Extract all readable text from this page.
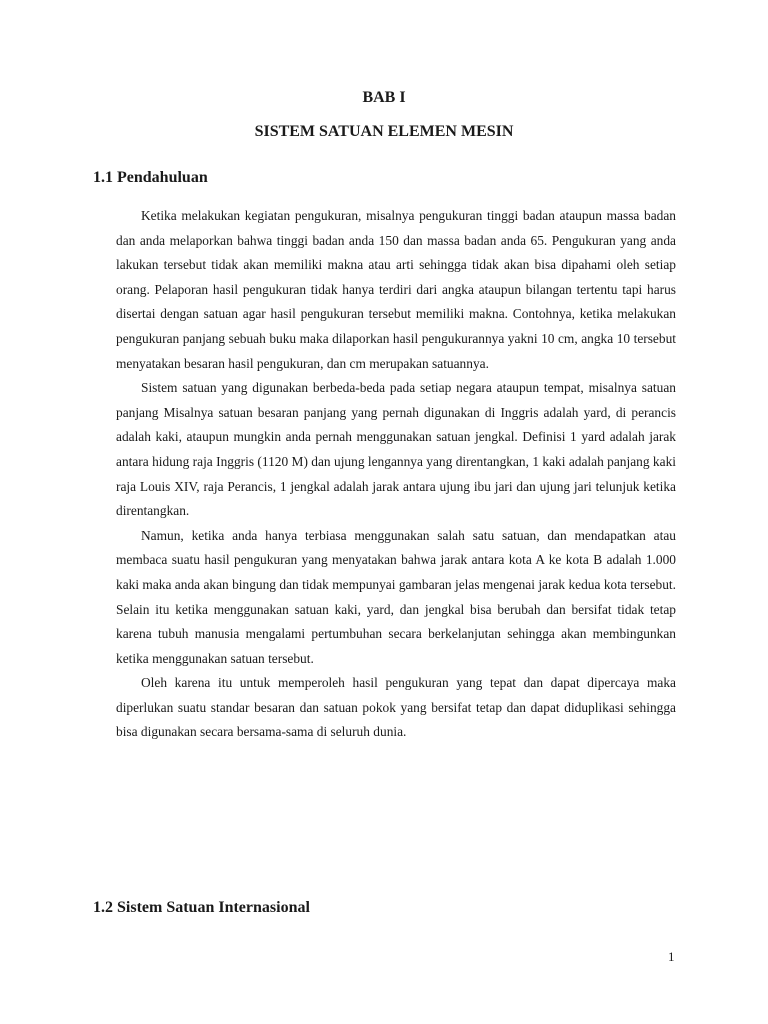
BAB I
SISTEM SATUAN ELEMEN MESIN
1.1 Pendahuluan

Ketika melakukan kegiatan pengukuran, misalnya pengukuran tinggi badan ataupun massa badan dan anda melaporkan bahwa tinggi badan anda 150 dan massa badan anda 65. Pengukuran yang anda lakukan tersebut tidak akan memiliki makna atau arti sehingga tidak akan bisa dipahami oleh setiap orang. Pelaporan hasil pengukuran tidak hanya terdiri dari angka ataupun bilangan tertentu tapi harus disertai dengan satuan agar hasil pengukuran tersebut memiliki makna. Contohnya, ketika melakukan pengukuran panjang sebuah buku maka dilaporkan hasil pengukurannya yakni 10 cm, angka 10 tersebut menyatakan besaran hasil pengukuran, dan cm merupakan satuannya.

Sistem satuan yang digunakan berbeda-beda pada setiap negara ataupun tempat, misalnya satuan panjang Misalnya satuan besaran panjang yang pernah digunakan di Inggris adalah yard, di perancis adalah kaki, ataupun mungkin anda pernah menggunakan satuan jengkal. Definisi 1 yard adalah jarak antara hidung raja Inggris (1120 M) dan ujung lengannya yang direntangkan, 1 kaki adalah panjang kaki raja Louis XIV, raja Perancis, 1 jengkal adalah jarak antara ujung ibu jari dan ujung jari telunjuk ketika direntangkan.

Namun, ketika anda hanya terbiasa menggunakan salah satu satuan, dan mendapatkan atau membaca suatu hasil pengukuran yang menyatakan bahwa jarak antara kota A ke kota B adalah 1.000 kaki maka anda akan bingung dan tidak mempunyai gambaran jelas mengenai jarak kedua kota tersebut. Selain itu ketika menggunakan satuan kaki, yard, dan jengkal bisa berubah dan bersifat tidak tetap karena tubuh manusia mengalami pertumbuhan secara berkelanjutan sehingga akan membingunkan ketika menggunakan satuan tersebut.

Oleh karena itu untuk memperoleh hasil pengukuran yang tepat dan dapat dipercaya maka diperlukan suatu standar besaran dan satuan pokok yang bersifat tetap dan dapat diduplikasi sehingga bisa digunakan secara bersama-sama di seluruh dunia.

1.2 Sistem Satuan Internasional
1
